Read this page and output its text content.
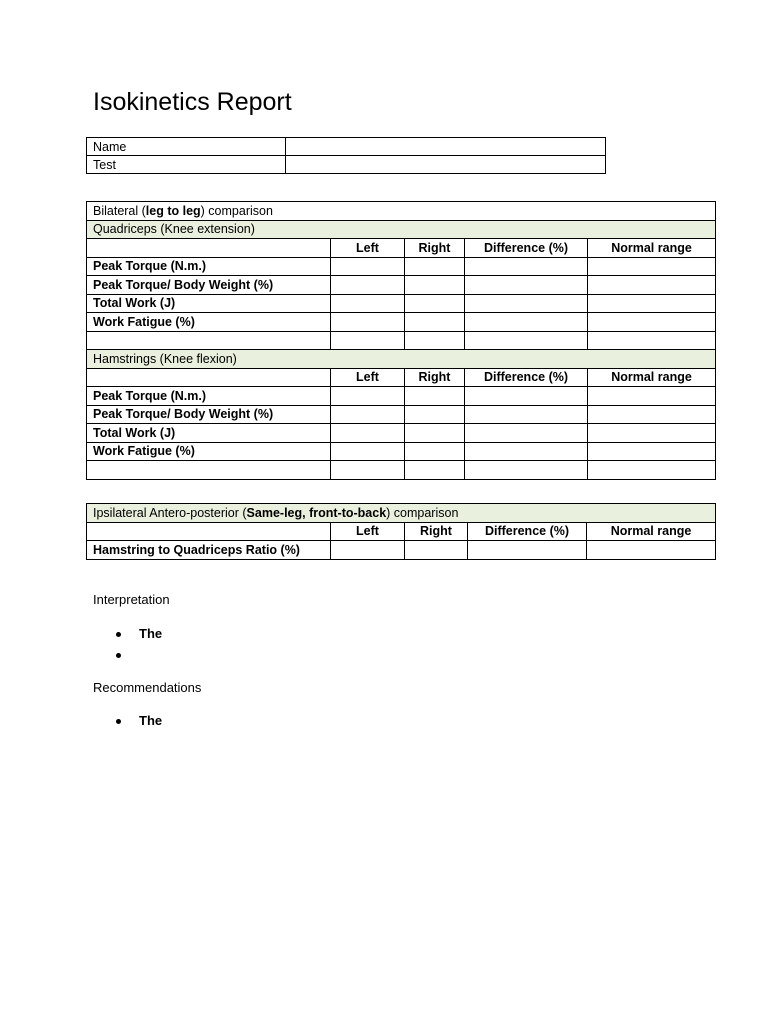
Isokinetics Report
Name	
Test	
Bilateral (leg to leg) comparison				
Quadriceps (Knee extension)				
	Left	Right	Difference (%)	Normal range
Peak Torque (N.m.)				
Peak Torque/ Body Weight (%)				
Total Work (J)				
Work Fatigue (%)				

Hamstrings (Knee flexion)				
	Left	Right	Difference (%)	Normal range
Peak Torque (N.m.)				
Peak Torque/ Body Weight (%)				
Total Work (J)				
Work Fatigue (%)				

Ipsilateral Antero-posterior (Same-leg, front-to-back) comparison				
	Left	Right	Difference (%)	Normal range
Hamstring to Quadriceps Ratio (%)				

Interpretation

The

Recommendations

The
